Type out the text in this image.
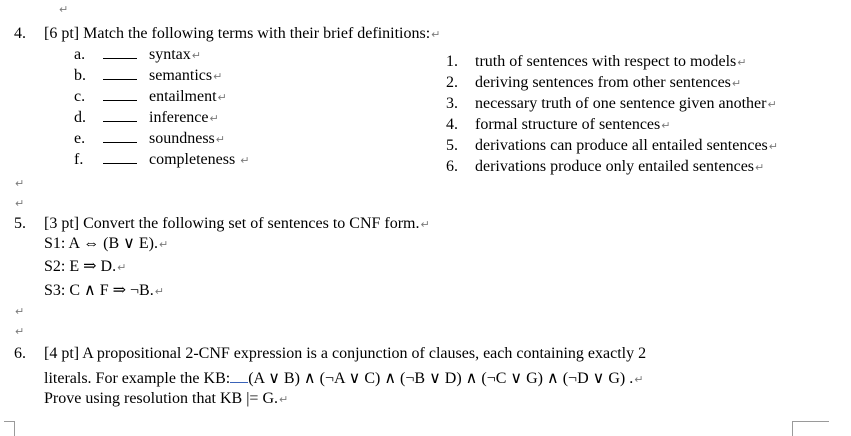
↵
4. [6 pt] Match the following terms with their brief definitions:↵
a.	syntax↵
b.	semantics↵
c.	entailment↵
d.	inference↵
e.	soundness↵
f.	completeness ↵
1. truth of sentences with respect to models↵
2. deriving sentences from other sentences↵
3. necessary truth of one sentence given another↵
4. formal structure of sentences↵
5. derivations can produce all entailed sentences↵
6. derivations produce only entailed sentences↵
↵
↵
5. [3 pt] Convert the following set of sentences to CNF form.↵
S1: A ⇔ (B ∨ E).↵
S2: E ⇒ D.↵
S3: C ∧ F ⇒ ¬B.↵
↵
↵
6. [4 pt] A propositional 2-CNF expression is a conjunction of clauses, each containing exactly 2
literals. For example the KB: (A ∨ B) ∧ (¬A ∨ C) ∧ (¬B ∨ D) ∧ (¬C ∨ G) ∧ (¬D ∨ G) .↵
Prove using resolution that KB |= G.↵
